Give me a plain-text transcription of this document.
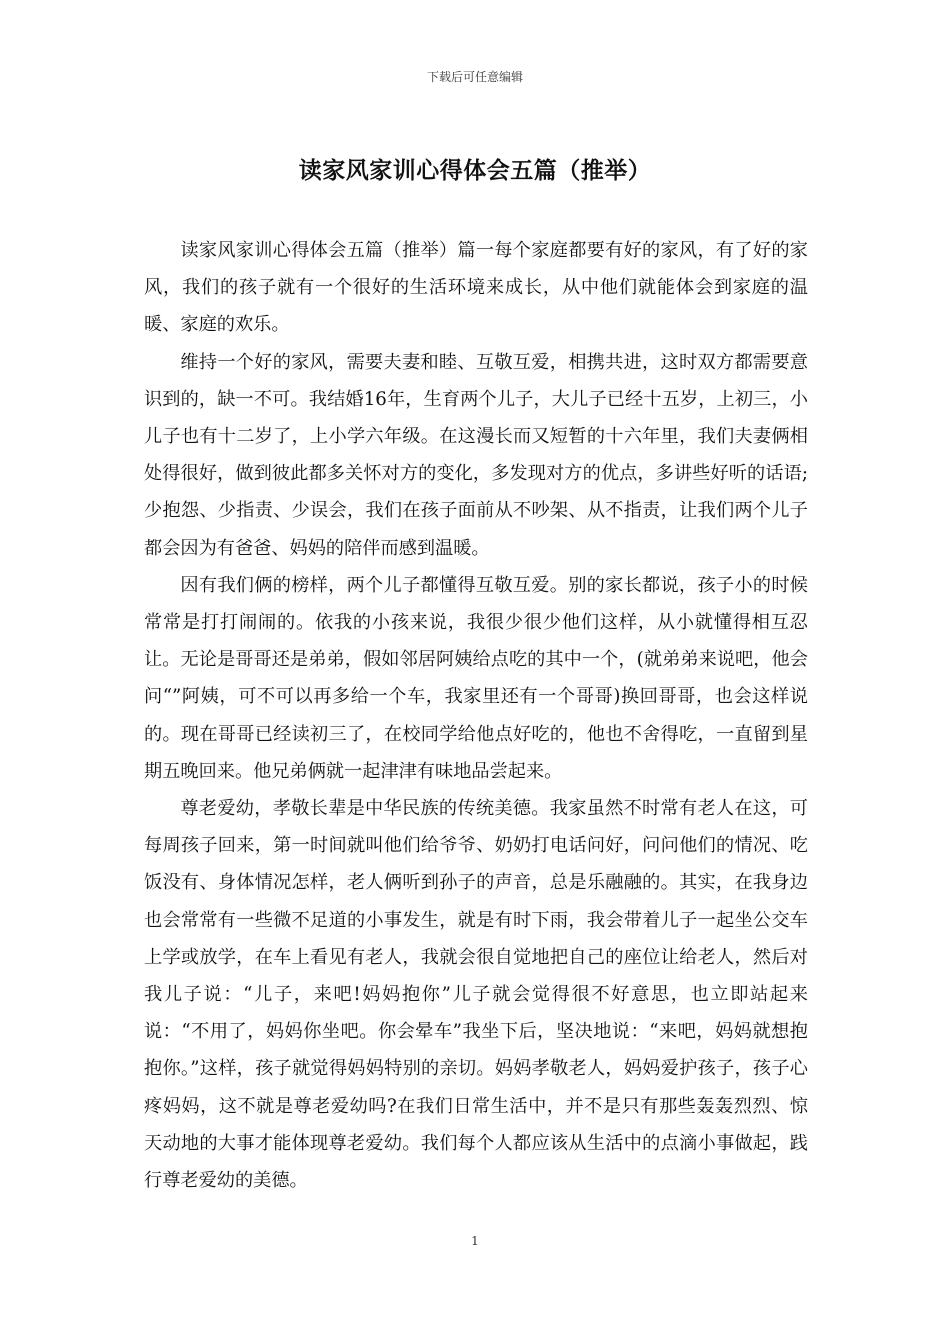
下载后可任意编辑
读家风家训心得体会五篇（推举）

读家风家训心得体会五篇（推举）篇一每个家庭都要有好的家风，有了好的家风，我们的孩子就有一个很好的生活环境来成长，从中他们就能体会到家庭的温暖、家庭的欢乐。

维持一个好的家风，需要夫妻和睦、互敬互爱，相携共进，这时双方都需要意识到的，缺一不可。我结婚16年，生育两个儿子，大儿子已经十五岁，上初三，小儿子也有十二岁了，上小学六年级。在这漫长而又短暂的十六年里，我们夫妻俩相处得很好，做到彼此都多关怀对方的变化，多发现对方的优点，多讲些好听的话语;少抱怨、少指责、少误会，我们在孩子面前从不吵架、从不指责，让我们两个儿子都会因为有爸爸、妈妈的陪伴而感到温暖。

因有我们俩的榜样，两个儿子都懂得互敬互爱。别的家长都说，孩子小的时候常常是打打闹闹的。依我的小孩来说，我很少很少他们这样，从小就懂得相互忍让。无论是哥哥还是弟弟，假如邻居阿姨给点吃的其中一个，(就弟弟来说吧，他会问“”阿姨，可不可以再多给一个车，我家里还有一个哥哥)换回哥哥，也会这样说的。现在哥哥已经读初三了，在校同学给他点好吃的，他也不舍得吃，一直留到星期五晚回来。他兄弟俩就一起津津有味地品尝起来。

尊老爱幼，孝敬长辈是中华民族的传统美德。我家虽然不时常有老人在这，可每周孩子回来，第一时间就叫他们给爷爷、奶奶打电话问好，问问他们的情况、吃饭没有、身体情况怎样，老人俩听到孙子的声音，总是乐融融的。其实，在我身边也会常常有一些微不足道的小事发生，就是有时下雨，我会带着儿子一起坐公交车上学或放学，在车上看见有老人，我就会很自觉地把自己的座位让给老人，然后对我儿子说：“儿子，来吧!妈妈抱你”儿子就会觉得很不好意思，也立即站起来说：“不用了，妈妈你坐吧。你会晕车”我坐下后，坚决地说：“来吧，妈妈就想抱抱你。”这样，孩子就觉得妈妈特别的亲切。妈妈孝敬老人，妈妈爱护孩子，孩子心疼妈妈，这不就是尊老爱幼吗?在我们日常生活中，并不是只有那些轰轰烈烈、惊天动地的大事才能体现尊老爱幼。我们每个人都应该从生活中的点滴小事做起，践行尊老爱幼的美德。

1
